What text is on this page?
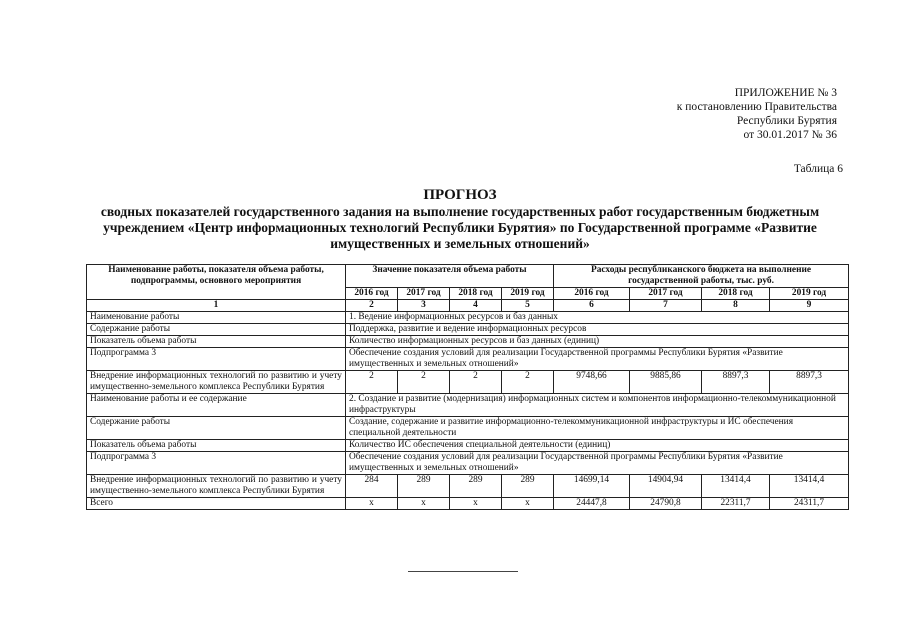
ПРИЛОЖЕНИЕ № 3
к постановлению Правительства
Республики Бурятия
от 30.01.2017 № 36
Таблица 6
ПРОГНОЗ
сводных показателей государственного задания на выполнение государственных работ государственным бюджетным учреждением «Центр информационных технологий Республики Бурятия» по Государственной программе «Развитие имущественных и земельных отношений»
Наименование работы, показателя объема работы, подпрограммы, основного мероприятия	Значение показателя объема работы				Расходы республиканского бюджета на выполнение государственной работы, тыс. руб.			
	2016 год	2017 год	2018 год	2019 год	2016 год	2017 год	2018 год	2019 год
1	2	3	4	5	6	7	8	9
Наименование работы	1. Ведение информационных ресурсов и баз данных							
Содержание работы	Поддержка, развитие и ведение информационных ресурсов							
Показатель объема работы	Количество информационных ресурсов и баз данных (единиц)							
Подпрограмма 3	Обеспечение создания условий для реализации Государственной программы Республики Бурятия «Развитие имущественных и земельных отношений»							
Внедрение информационных технологий по развитию и учету имущественно-земельного комплекса Республики Бурятия	2	2	2	2	9748,66	9885,86	8897,3	8897,3
Наименование работы и ее содержание	2. Создание и развитие (модернизация) информационных систем и компонентов информационно-телекоммуникационной инфраструктуры							
Содержание работы	Создание, содержание и развитие информационно-телекоммуникационной инфраструктуры и ИС обеспечения специальной деятельности							
Показатель объема работы	Количество ИС обеспечения специальной деятельности (единиц)							
Подпрограмма 3	Обеспечение создания условий для реализации Государственной программы Республики Бурятия «Развитие имущественных и земельных отношений»							
Внедрение информационных технологий по развитию и учету имущественно-земельного комплекса Республики Бурятия	284	289	289	289	14699,14	14904,94	13414,4	13414,4
Всего	x	x	x	x	24447,8	24790,8	22311,7	24311,7
